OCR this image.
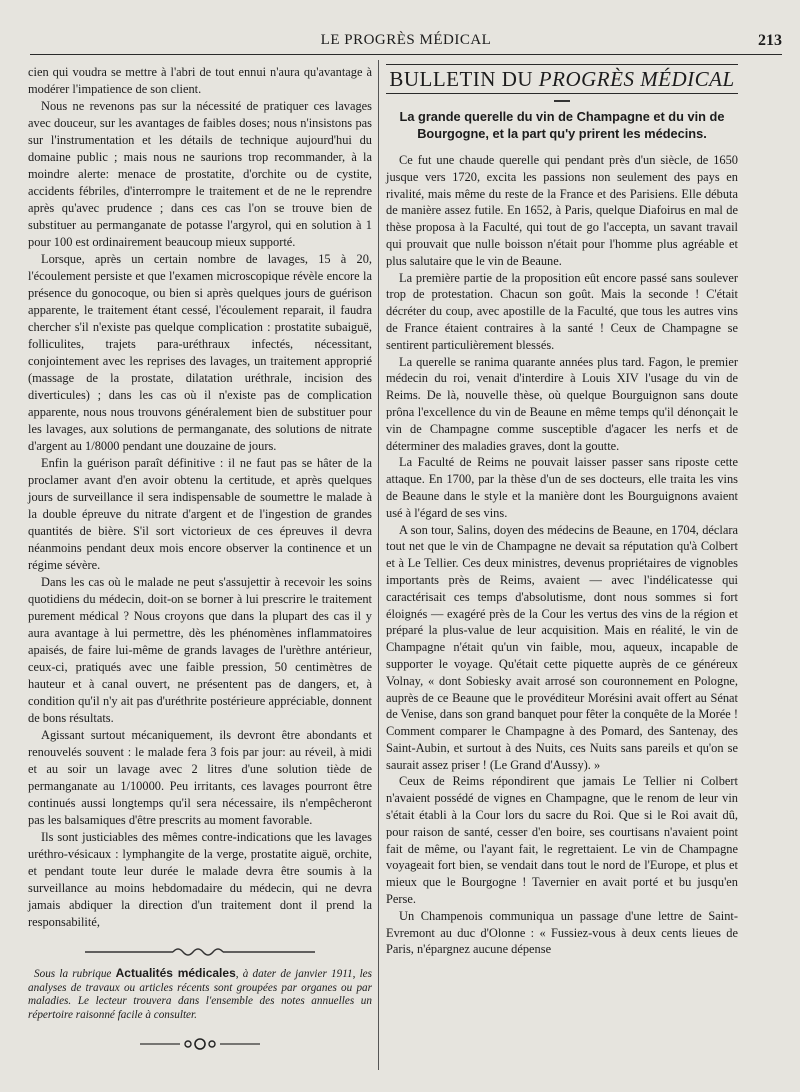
LE PROGRÈS MÉDICAL	213

cien qui voudra se mettre à l'abri de tout ennui n'aura qu'avantage à modérer l'impatience de son client.

Nous ne revenons pas sur la nécessité de pratiquer ces lavages avec douceur, sur les avantages de faibles doses; nous n'insistons pas sur l'instrumentation et les détails de technique aujourd'hui du domaine public ; mais nous ne saurions trop recommander, à la moindre alerte: menace de prostatite, d'orchite ou de cystite, accidents fébriles, d'interrompre le traitement et de ne le reprendre après qu'avec prudence ; dans ces cas l'on se trouve bien de substituer au permanganate de potasse l'argyrol, qui en solution à 1 pour 100 est ordinairement beaucoup mieux supporté.

Lorsque, après un certain nombre de lavages, 15 à 20, l'écoulement persiste et que l'examen microscopique révèle encore la présence du gonocoque, ou bien si après quelques jours de guérison apparente, le traitement étant cessé, l'écoulement reparait, il faudra chercher s'il n'existe pas quelque complication : prostatite subaiguë, folliculites, trajets para-uréthraux infectés, nécessitant, conjointement avec les reprises des lavages, un traitement approprié (massage de la prostate, dilatation uréthrale, incision des diverticules) ; dans les cas où il n'existe pas de complication apparente, nous nous trouvons généralement bien de substituer pour les lavages, aux solutions de permanganate, des solutions de nitrate d'argent au 1/8000 pendant une douzaine de jours.

Enfin la guérison paraît définitive : il ne faut pas se hâter de la proclamer avant d'en avoir obtenu la certitude, et après quelques jours de surveillance il sera indispensable de soumettre le malade à la double épreuve du nitrate d'argent et de l'ingestion de grandes quantités de bière. S'il sort victorieux de ces épreuves il devra néanmoins pendant deux mois encore observer la continence et un régime sévère.

Dans les cas où le malade ne peut s'assujettir à recevoir les soins quotidiens du médecin, doit-on se borner à lui prescrire le traitement purement médical ? Nous croyons que dans la plupart des cas il y aura avantage à lui permettre, dès les phénomènes inflammatoires apaisés, de faire lui-même de grands lavages de l'urèthre antérieur, ceux-ci, pratiqués avec une faible pression, 50 centimètres de hauteur et à canal ouvert, ne présentent pas de dangers, et, à condition qu'il n'y ait pas d'uréthrite postérieure appréciable, donnent de bons résultats.

Agissant surtout mécaniquement, ils devront être abondants et renouvelés souvent : le malade fera 3 fois par jour: au réveil, à midi et au soir un lavage avec 2 litres d'une solution tiède de permanganate au 1/10000. Peu irritants, ces lavages pourront être continués aussi longtemps qu'il sera nécessaire, ils n'empêcheront pas les balsamiques d'être prescrits au moment favorable.

Ils sont justiciables des mêmes contre-indications que les lavages uréthro-vésicaux : lymphangite de la verge, prostatite aiguë, orchite, et pendant toute leur durée le malade devra être soumis à la surveillance au moins hebdomadaire du médecin, qui ne devra jamais abdiquer la direction d'un traitement dont il prend la responsabilité,

Sous la rubrique Actualités médicales, à dater de janvier 1911, les analyses de travaux ou articles récents sont groupées par organes ou par maladies. Le lecteur trouvera dans l'ensemble des notes annuelles un répertoire raisonné facile à consulter.

BULLETIN DU PROGRÈS MÉDICAL
La grande querelle du vin de Champagne et du vin de Bourgogne, et la part qu'y prirent les médecins.

Ce fut une chaude querelle qui pendant près d'un siècle, de 1650 jusque vers 1720, excita les passions non seulement des pays en rivalité, mais même du reste de la France et des Parisiens. Elle débuta de manière assez futile. En 1652, à Paris, quelque Diafoirus en mal de thèse proposa à la Faculté, qui tout de go l'accepta, un savant travail qui prouvait que nulle boisson n'était pour l'homme plus agréable et plus salutaire que le vin de Beaune.

La première partie de la proposition eût encore passé sans soulever trop de protestation. Chacun son goût. Mais la seconde ! C'était décréter du coup, avec apostille de la Faculté, que tous les autres vins de France étaient contraires à la santé ! Ceux de Champagne se sentirent particulièrement blessés.

La querelle se ranima quarante années plus tard. Fagon, le premier médecin du roi, venait d'interdire à Louis XIV l'usage du vin de Reims. De là, nouvelle thèse, où quelque Bourguignon sans doute prôna l'excellence du vin de Beaune en même temps qu'il dénonçait le vin de Champagne comme susceptible d'agacer les nerfs et de déterminer des maladies graves, dont la goutte.

La Faculté de Reims ne pouvait laisser passer sans riposte cette attaque. En 1700, par la thèse d'un de ses docteurs, elle traita les vins de Beaune dans le style et la manière dont les Bourguignons avaient usé à l'égard de ses vins.

A son tour, Salins, doyen des médecins de Beaune, en 1704, déclara tout net que le vin de Champagne ne devait sa réputation qu'à Colbert et à Le Tellier. Ces deux ministres, devenus propriétaires de vignobles importants près de Reims, avaient — avec l'indélicatesse qui caractérisait ces temps d'absolutisme, dont nous sommes si fort éloignés — exagéré près de la Cour les vertus des vins de la région et préparé la plus-value de leur acquisition. Mais en réalité, le vin de Champagne n'était qu'un vin faible, mou, aqueux, incapable de supporter le voyage. Qu'était cette piquette auprès de ce généreux Volnay, « dont Sobiesky avait arrosé son couronnement en Pologne, auprès de ce Beaune que le provéditeur Morésini avait offert au Sénat de Venise, dans son grand banquet pour fêter la conquête de la Morée ! Comment comparer le Champagne à des Pomard, des Santenay, des Saint-Aubin, et surtout à des Nuits, ces Nuits sans pareils et qu'on se saurait assez priser ! (Le Grand d'Aussy). »

Ceux de Reims répondirent que jamais Le Tellier ni Colbert n'avaient possédé de vignes en Champagne, que le renom de leur vin s'était établi à la Cour lors du sacre du Roi. Que si le Roi avait dû, pour raison de santé, cesser d'en boire, ses courtisans n'avaient point fait de même, ou l'ayant fait, le regrettaient. Le vin de Champagne voyageait fort bien, se vendait dans tout le nord de l'Europe, et plus et mieux que le Bourgogne ! Tavernier en avait porté et bu jusqu'en Perse.

Un Champenois communiqua un passage d'une lettre de Saint-Evremont au duc d'Olonne : « Fussiez-vous à deux cents lieues de Paris, n'épargnez aucune dépense
